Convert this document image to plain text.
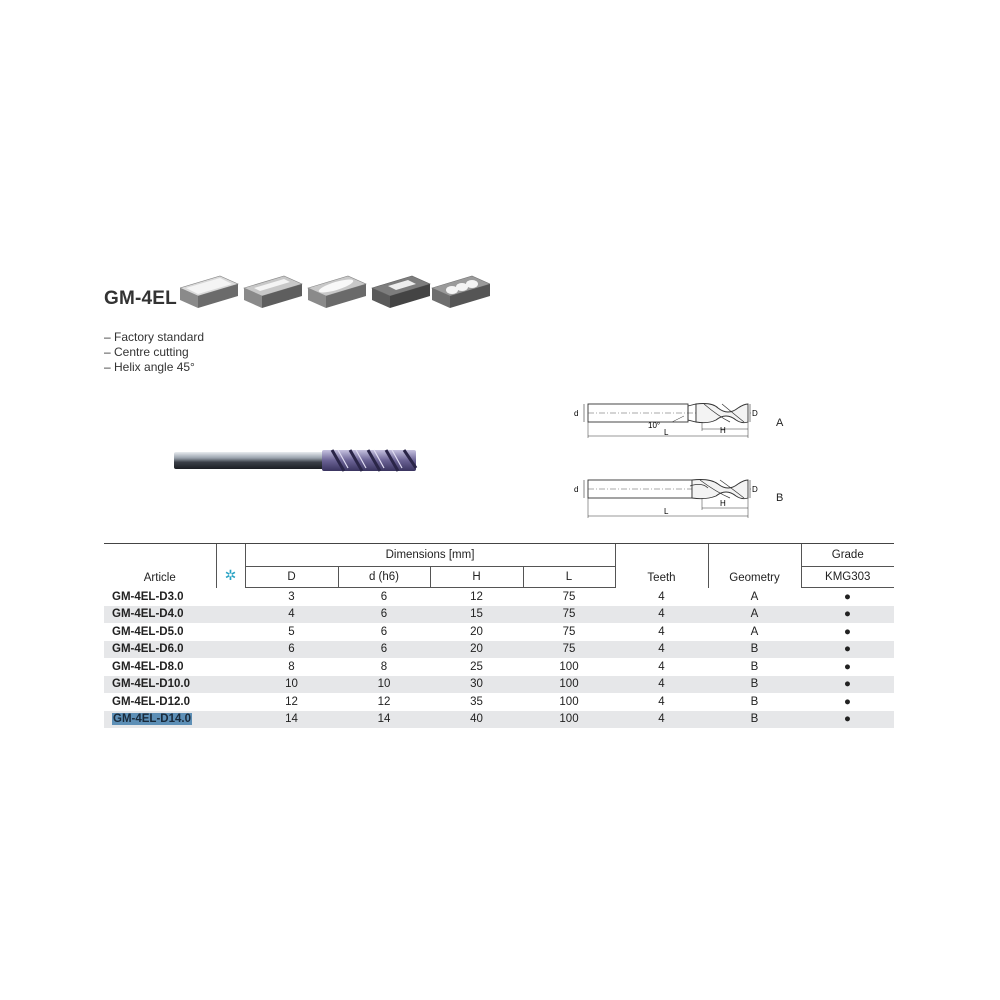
GM-4EL
– Factory standard
– Centre cutting
– Helix angle 45°
d	D
10°
L	H
A
d	D
L
H	B
Article	✲	Dimensions [mm]				Teeth	Geometry	Grade
		D	d (h6)	H	L			KMG303
GM-4EL-D3.0		3	6	12	75	4	A	●
GM-4EL-D4.0		4	6	15	75	4	A	●
GM-4EL-D5.0		5	6	20	75	4	A	●
GM-4EL-D6.0		6	6	20	75	4	B	●
GM-4EL-D8.0		8	8	25	100	4	B	●
GM-4EL-D10.0		10	10	30	100	4	B	●
GM-4EL-D12.0		12	12	35	100	4	B	●
GM-4EL-D14.0		14	14	40	100	4	B	●
